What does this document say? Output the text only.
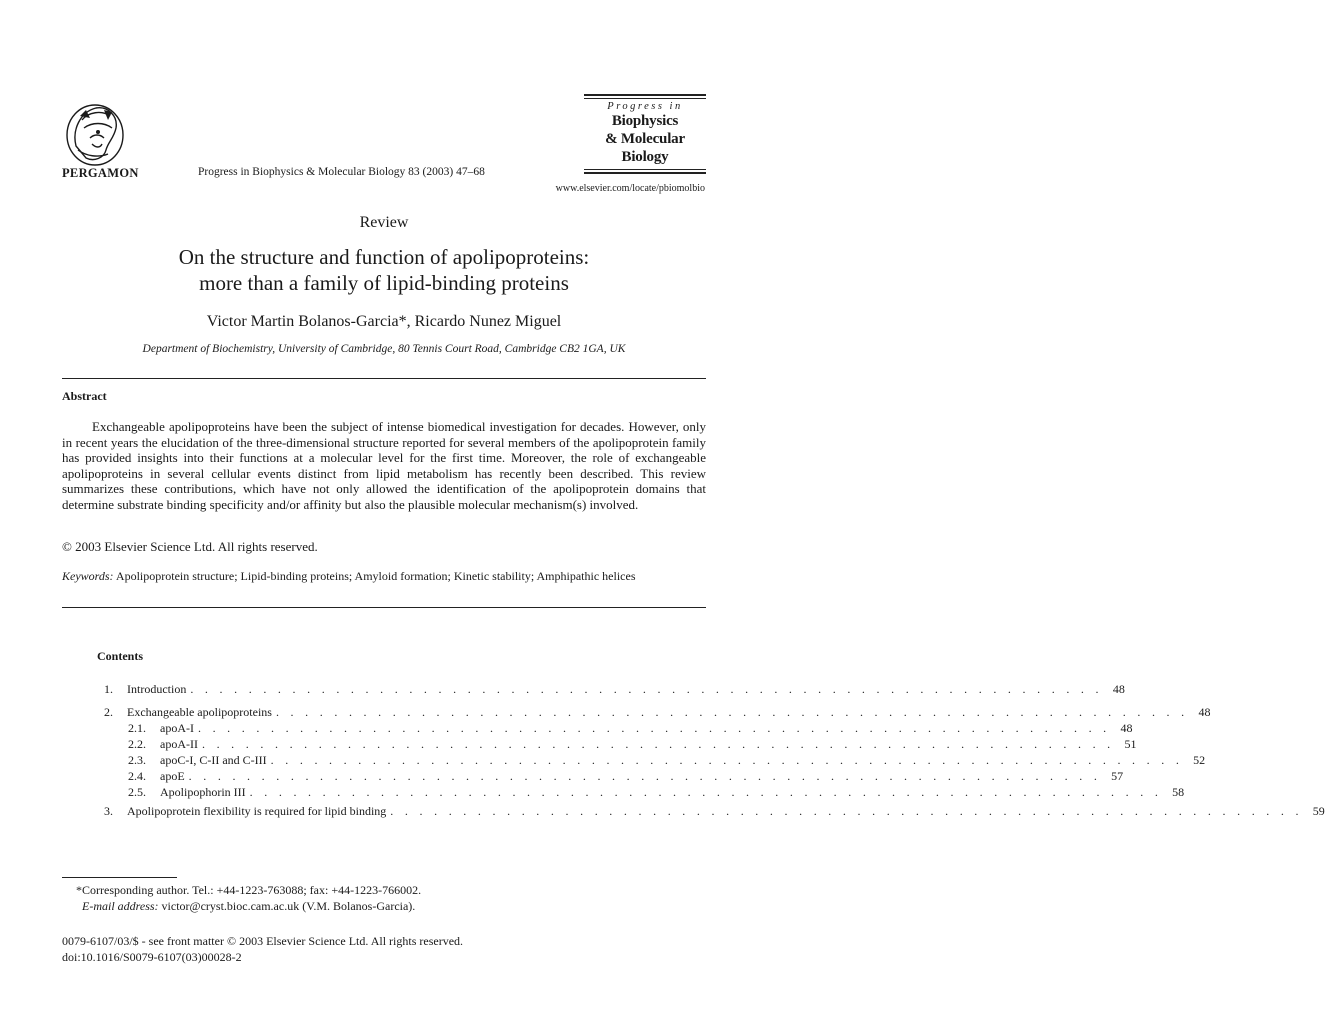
PERGAMON	Progress in Biophysics & Molecular Biology 83 (2003) 47–68
Progress in
Biophysics
& Molecular
Biology
www.elsevier.com/locate/pbiomolbio
Review
On the structure and function of apolipoproteins:
more than a family of lipid-binding proteins
Victor Martin Bolanos-Garcia*, Ricardo Nunez Miguel
Department of Biochemistry, University of Cambridge, 80 Tennis Court Road, Cambridge CB2 1GA, UK
Abstract
Exchangeable apolipoproteins have been the subject of intense biomedical investigation for decades. However, only in recent years the elucidation of the three-dimensional structure reported for several members of the apolipoprotein family has provided insights into their functions at a molecular level for the first time. Moreover, the role of exchangeable apolipoproteins in several cellular events distinct from lipid metabolism has recently been described. This review summarizes these contributions, which have not only allowed the identification of the apolipoprotein domains that determine substrate binding specificity and/or affinity but also the plausible molecular mechanism(s) involved.
© 2003 Elsevier Science Ltd. All rights reserved.
Keywords: Apolipoprotein structure; Lipid-binding proteins; Amyloid formation; Kinetic stability; Amphipathic helices
Contents
1.	Introduction . . . . . . . . . . . . . . . . . . . . . . . . . . . . . . . . . . . . . . . . . . . . . . . . . . . . . . . . . . . . . . . 48
2.	Exchangeable apolipoproteins . . . . . . . . . . . . . . . . . . . . . . . . . . . . . . . . . . . . . . . . . . . . . . . . . . . . . . . . . . . . . . . 48
2.1.	apoA-I . . . . . . . . . . . . . . . . . . . . . . . . . . . . . . . . . . . . . . . . . . . . . . . . . . . . . . . . . . . . . . . 48
2.2.	apoA-II . . . . . . . . . . . . . . . . . . . . . . . . . . . . . . . . . . . . . . . . . . . . . . . . . . . . . . . . . . . . . . . 51
2.3.	apoC-I, C-II and C-III . . . . . . . . . . . . . . . . . . . . . . . . . . . . . . . . . . . . . . . . . . . . . . . . . . . . . . . . . . . . . . . 52
2.4.	apoE . . . . . . . . . . . . . . . . . . . . . . . . . . . . . . . . . . . . . . . . . . . . . . . . . . . . . . . . . . . . . . . 57
2.5.	Apolipophorin III . . . . . . . . . . . . . . . . . . . . . . . . . . . . . . . . . . . . . . . . . . . . . . . . . . . . . . . . . . . . . . . 58
3.	Apolipoprotein flexibility is required for lipid binding . . . . . . . . . . . . . . . . . . . . . . . . . . . . . . . . . . . . . . . . . . . . . . . . . . . . . . . . . . . . . . . 59
*Corresponding author. Tel.: +44-1223-763088; fax: +44-1223-766002.
E-mail address: victor@cryst.bioc.cam.ac.uk (V.M. Bolanos-Garcia).
0079-6107/03/$ - see front matter © 2003 Elsevier Science Ltd. All rights reserved.
doi:10.1016/S0079-6107(03)00028-2
